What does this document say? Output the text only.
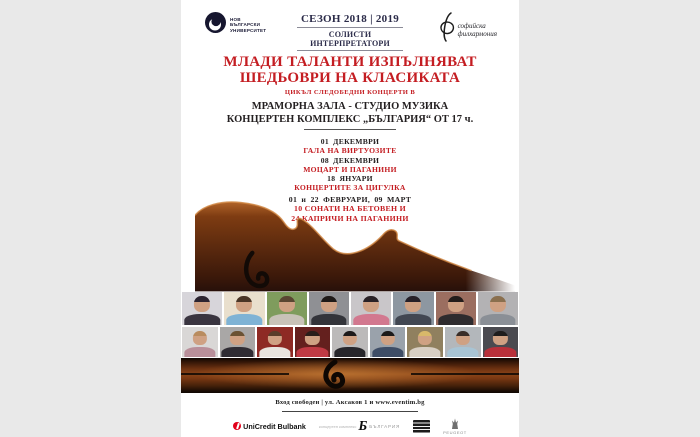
НОВ
БЪЛГАРСКИ
УНИВЕРСИТЕТ
СЕЗОН 2018 | 2019
СОЛИСТИ ИНТЕРПРЕТАТОРИ
софийска
филхармония
МЛАДИ ТАЛАНТИ ИЗПЪЛНЯВАТ
ШЕДЬОВРИ НА КЛАСИКАТА
ЦИКЪЛ СЛЕДОБЕДНИ КОНЦЕРТИ В
МРАМОРНА ЗАЛА - СТУДИО МУЗИКА
КОНЦЕРТЕН КОМПЛЕКС „БЪЛГАРИЯ“ ОТ 17 ч.
01 ДЕКЕМВРИ
ГАЛА НА ВИРТУОЗИТЕ
08 ДЕКЕМВРИ
МОЦАРТ И ПАГАНИНИ
18 ЯНУАРИ
КОНЦЕРТИТЕ ЗА ЦИГУЛКА
01 и 22 ФЕВРУАРИ, 09 МАРТ
10 СОНАТИ НА БЕТОВЕН И
24 КАПРИЧИ НА ПАГАНИНИ
Вход свободен | ул. Аксаков 1 и www.eventim.bg
UniCredit Bulbank	концертен комплекс Б БЪЛГАРИЯ
PEUGEOT
